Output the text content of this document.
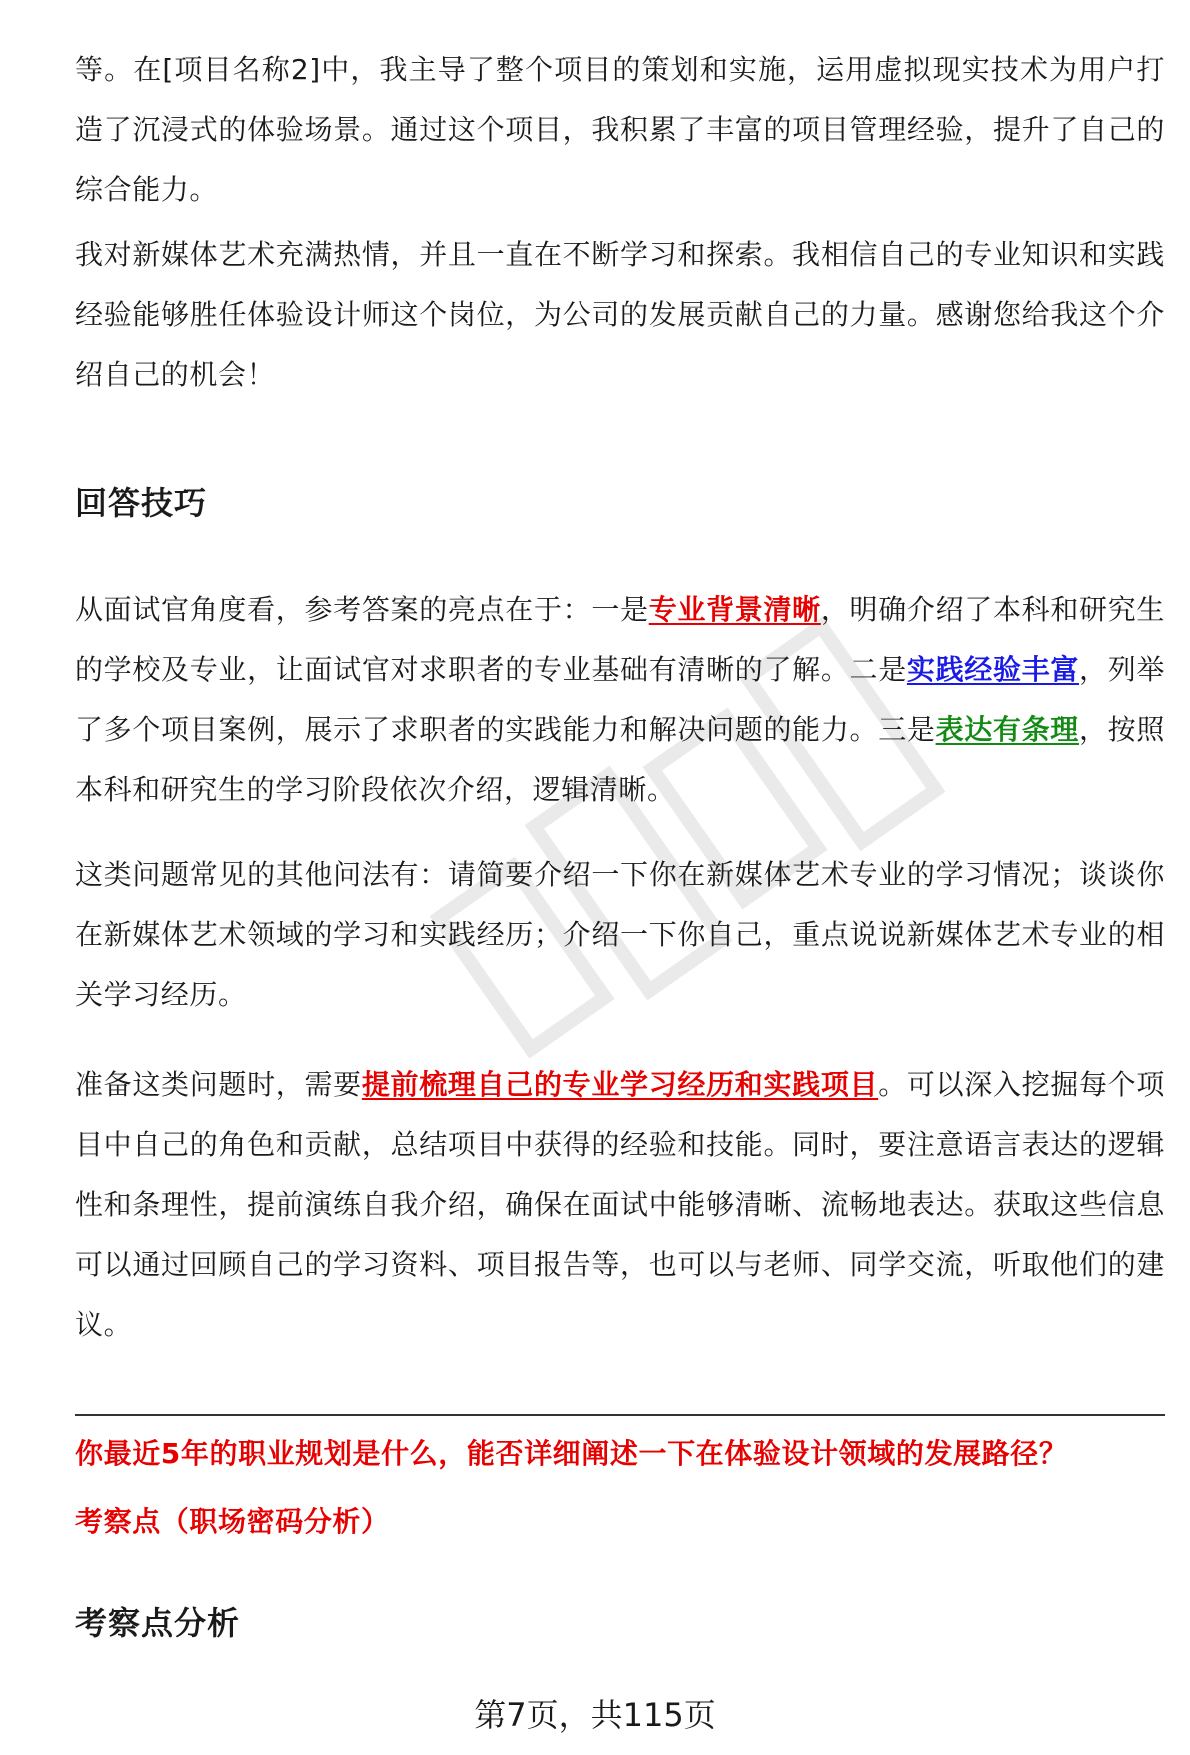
等。在[项目名称2]中，我主导了整个项目的策划和实施，运用虚拟现实技术为用户打造了沉浸式的体验场景。通过这个项目，我积累了丰富的项目管理经验，提升了自己的综合能力。

我对新媒体艺术充满热情，并且一直在不断学习和探索。我相信自己的专业知识和实践经验能够胜任体验设计师这个岗位，为公司的发展贡献自己的力量。感谢您给我这个介绍自己的机会！

回答技巧

从面试官角度看，参考答案的亮点在于：一是专业背景清晰，明确介绍了本科和研究生的学校及专业，让面试官对求职者的专业基础有清晰的了解。二是实践经验丰富，列举了多个项目案例，展示了求职者的实践能力和解决问题的能力。三是表达有条理，按照本科和研究生的学习阶段依次介绍，逻辑清晰。

这类问题常见的其他问法有：请简要介绍一下你在新媒体艺术专业的学习情况；谈谈你在新媒体艺术领域的学习和实践经历；介绍一下你自己，重点说说新媒体艺术专业的相关学习经历。

准备这类问题时，需要提前梳理自己的专业学习经历和实践项目。可以深入挖掘每个项目中自己的角色和贡献，总结项目中获得的经验和技能。同时，要注意语言表达的逻辑性和条理性，提前演练自我介绍，确保在面试中能够清晰、流畅地表达。获取这些信息可以通过回顾自己的学习资料、项目报告等，也可以与老师、同学交流，听取他们的建议。

你最近5年的职业规划是什么，能否详细阐述一下在体验设计领域的发展路径？

考察点（职场密码分析）

考察点分析
第7页，共115页
